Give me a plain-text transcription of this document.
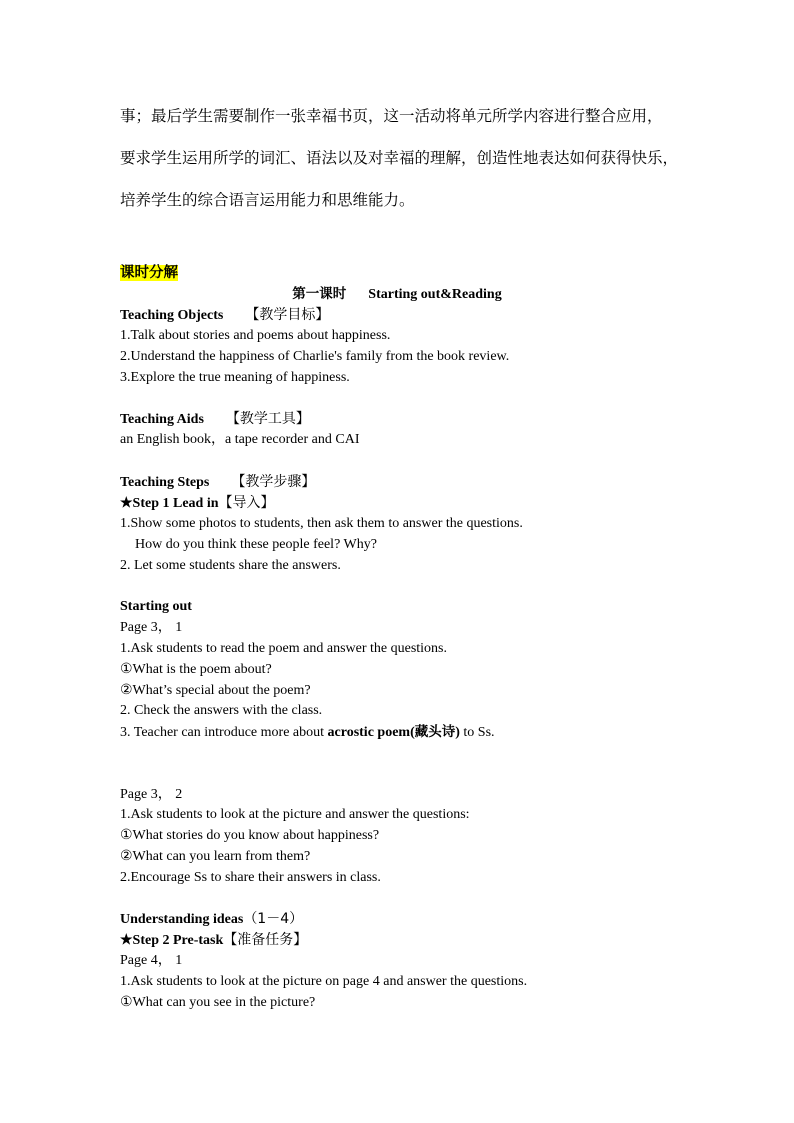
事；最后学生需要制作一张幸福书页，这一活动将单元所学内容进行整合应用，
要求学生运用所学的词汇、语法以及对幸福的理解，创造性地表达如何获得快乐，
培养学生的综合语言运用能力和思维能力。
课时分解
第一课时 Starting out&Reading
Teaching Objects 【教学目标】
1.Talk about stories and poems about happiness.
2.Understand the happiness of Charlie's family from the book review.
3.Explore the true meaning of happiness.
Teaching Aids 【教学工具】
an English book，a tape recorder and CAI
Teaching Steps 【教学步骤】
★Step 1 Lead in【导入】
1.Show some photos to students, then ask them to answer the questions.
How do you think these people feel? Why?
2. Let some students share the answers.
Starting out
Page 3， 1
1.Ask students to read the poem and answer the questions.
①What is the poem about?
②What’s special about the poem?
2. Check the answers with the class.
3. Teacher can introduce more about acrostic poem(藏头诗) to Ss.
Page 3， 2
1.Ask students to look at the picture and answer the questions:
①What stories do you know about happiness?
②What can you learn from them?
2.Encourage Ss to share their answers in class.
Understanding ideas（1－4）
★Step 2 Pre-task【准备任务】
Page 4， 1
1.Ask students to look at the picture on page 4 and answer the questions.
①What can you see in the picture?
